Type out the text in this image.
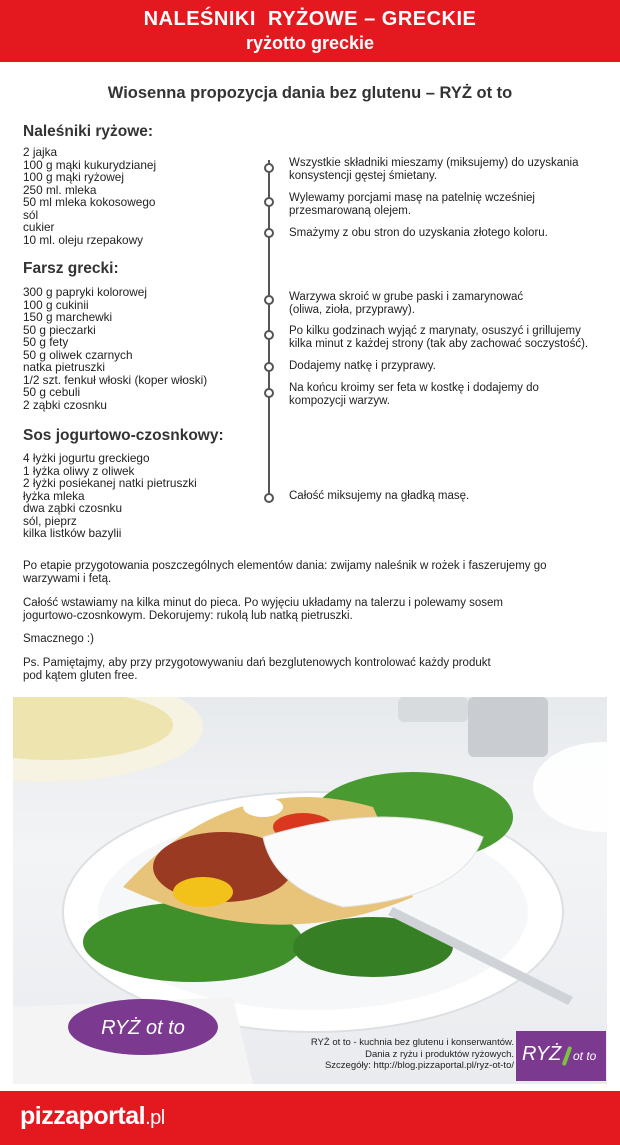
NALEŚNIKI  RYŻOWE – GRECKIE
ryżotto greckie
Wiosenna propozycja dania bez glutenu – RYŻ ot to
Naleśniki ryżowe:
2 jajka
100 g mąki kukurydzianej
100 g mąki ryżowej
250 ml. mleka
50 ml mleka kokosowego
sól
cukier
10 ml. oleju rzepakowy
Farsz grecki:
300 g papryki kolorowej
100 g cukinii
150 g marchewki
50 g pieczarki
50 g fety
50 g oliwek czarnych
natka pietruszki
1/2 szt. fenkuł włoski (koper włoski)
50 g cebuli
2 ząbki czosnku
Sos jogurtowo-czosnkowy:
4 łyżki jogurtu greckiego
1 łyżka oliwy z oliwek
2 łyżki posiekanej natki pietruszki
łyżka mleka
dwa ząbki czosnku
sól, pieprz
kilka listków bazylii
Wszystkie składniki mieszamy (miksujemy) do uzyskania
konsystencji gęstej śmietany.
Wylewamy porcjami masę na patelnię wcześniej
przesmarowaną olejem.
Smażymy z obu stron do uzyskania złotego koloru.
Warzywa skroić w grube paski i zamarynować
(oliwa, zioła, przyprawy).
Po kilku godzinach wyjąć z marynaty, osuszyć i grillujemy
kilka minut z każdej strony (tak aby zachować soczystość).
Dodajemy natkę i przyprawy.
Na końcu kroimy ser feta w kostkę i dodajemy do
kompozycji warzyw.
Całość miksujemy na gładką masę.
Po etapie przygotowania poszczególnych elementów dania: zwijamy naleśnik w rożek i faszerujemy go
warzywami i fetą.
Całość wstawiamy na kilka minut do pieca. Po wyjęciu układamy na talerzu i polewamy sosem
jogurtowo-czosnkowym. Dekorujemy: rukolą lub natką pietruszki.
Smacznego :)
Ps. Pamiętajmy, aby przy przygotowywaniu dań bezglutenowych kontrolować każdy produkt
pod kątem gluten free.
RYŻ ot to
RYŻ ot to - kuchnia bez glutenu i konserwantów.
Dania z ryżu i produktów ryżowych.
Szczegóły: http://blog.pizzaportal.pl/ryz-ot-to/
RYŻ ot to
pizzaportal.pl
